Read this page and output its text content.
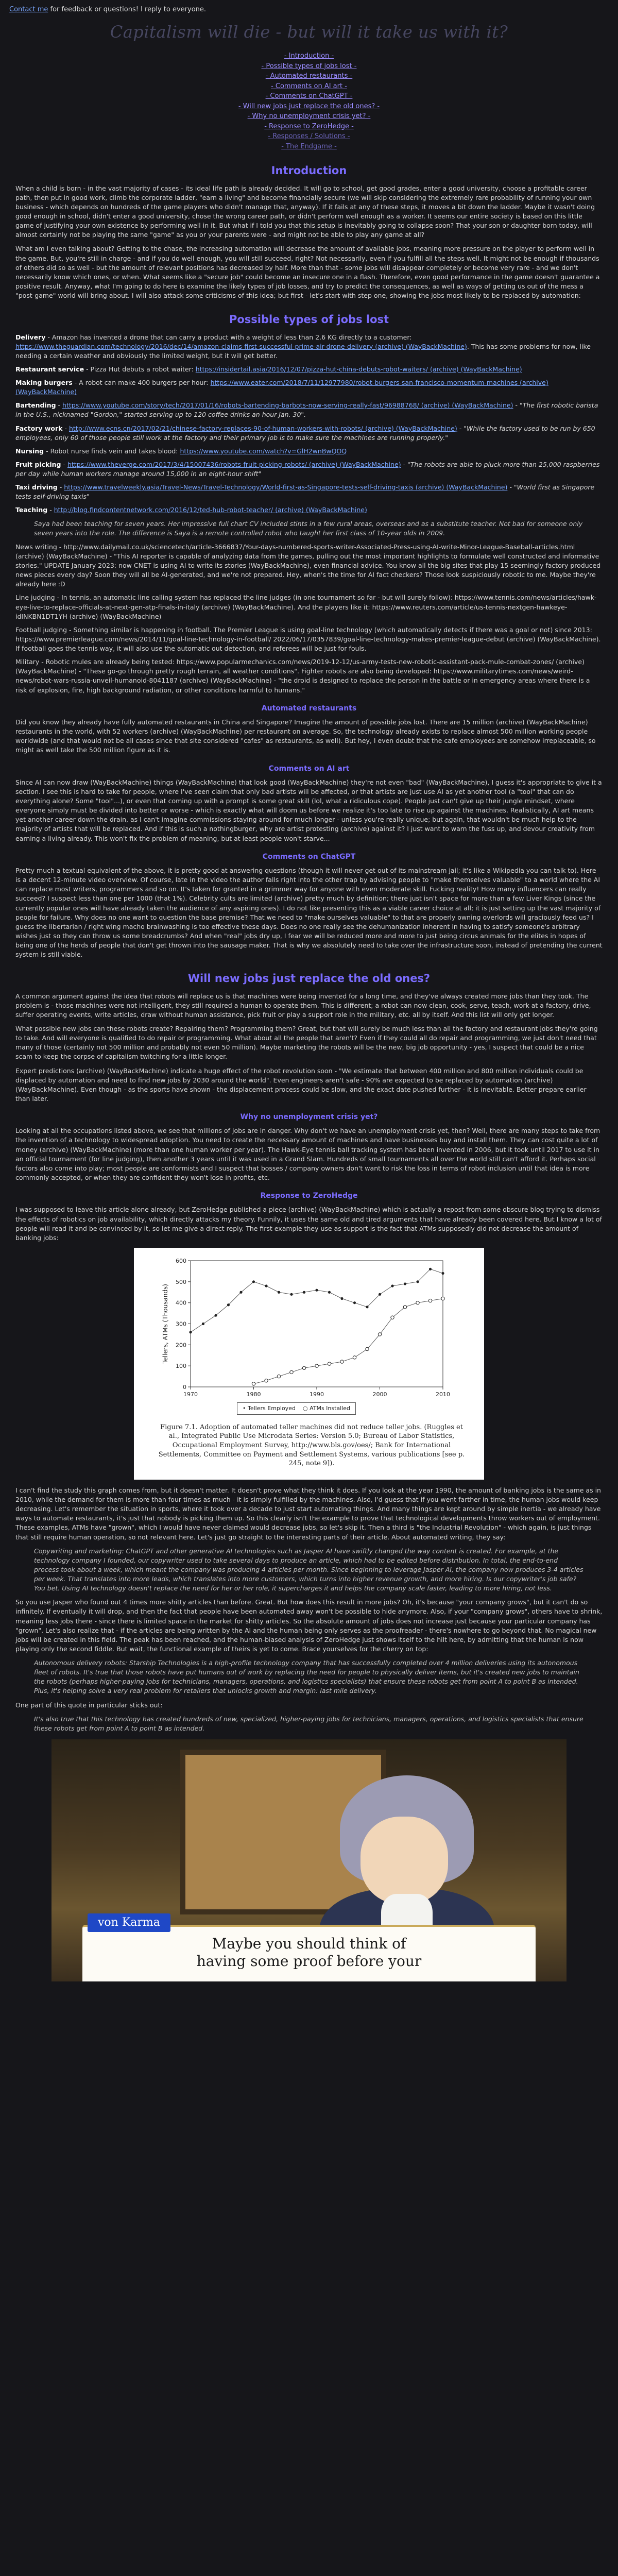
Contact me for feedback or questions! I reply to everyone.
Capitalism will die - but will it take us with it?
- Introduction -
- Possible types of jobs lost -
- Automated restaurants -
- Comments on AI art -
- Comments on ChatGPT -
- Will new jobs just replace the old ones? -
- Why no unemployment crisis yet? -
- Response to ZeroHedge -
- Responses / Solutions -
- The Endgame -
Introduction

When a child is born - in the vast majority of cases - its ideal life path is already decided. It will go to school, get good grades, enter a good university, choose a profitable career path, then put in good work, climb the corporate ladder, "earn a living" and become financially secure (we will skip considering the extremely rare probability of running your own business - which depends on hundreds of the game players who didn't manage that, anyway). If it fails at any of these steps, it moves a bit down the ladder. Maybe it wasn't doing good enough in school, didn't enter a good university, chose the wrong career path, or didn't perform well enough as a worker. It seems our entire society is based on this little game of justifying your own existence by performing well in it. But what if I told you that this setup is inevitably going to collapse soon? That your son or daughter born today, will almost certainly not be playing the same "game" as you or your parents were - and might not be able to play any game at all?

What am I even talking about? Getting to the chase, the increasing automation will decrease the amount of available jobs, meaning more pressure on the player to perform well in the game. But, you're still in charge - and if you do well enough, you will still succeed, right? Not necessarily, even if you fulfill all the steps well. It might not be enough if thousands of others did so as well - but the amount of relevant positions has decreased by half. More than that - some jobs will disappear completely or become very rare - and we don't necessarily know which ones, or when. What seems like a "secure job" could become an insecure one in a flash. Therefore, even good performance in the game doesn't guarantee a positive result. Anyway, what I'm going to do here is examine the likely types of job losses, and try to predict the consequences, as well as ways of getting us out of the mess a "post-game" world will bring about. I will also attack some criticisms of this idea; but first - let's start with step one, showing the jobs most likely to be replaced by automation:

Possible types of jobs lost
Delivery - Amazon has invented a drone that can carry a product with a weight of less than 2.6 KG directly to a customer: https://www.theguardian.com/technology/2016/dec/14/amazon-claims-first-successful-prime-air-drone-delivery (archive) (WayBackMachine). This has some problems for now, like needing a certain weather and obviously the limited weight, but it will get better.
Restaurant service - Pizza Hut debuts a robot waiter: https://insidertail.asia/2016/12/07/pizza-hut-china-debuts-robot-waiters/ (archive) (WayBackMachine)
Making burgers - A robot can make 400 burgers per hour: https://www.eater.com/2018/7/11/12977980/robot-burgers-san-francisco-momentum-machines (archive) (WayBackMachine)
Bartending - https://www.youtube.com/story/tech/2017/01/16/robots-bartending-barbots-now-serving-really-fast/96988768/ (archive) (WayBackMachine) - "The first robotic barista in the U.S., nicknamed "Gordon," started serving up to 120 coffee drinks an hour Jan. 30".
Factory work - http://www.ecns.cn/2017/02/21/chinese-factory-replaces-90-of-human-workers-with-robots/ (archive) (WayBackMachine) - "While the factory used to be run by 650 employees, only 60 of those people still work at the factory and their primary job is to make sure the machines are running properly."
Nursing - Robot nurse finds vein and takes blood: https://www.youtube.com/watch?v=GlH2wnBwQOQ
Fruit picking - https://www.theverge.com/2017/3/4/15007436/robots-fruit-picking-robots/ (archive) (WayBackMachine) - "The robots are able to pluck more than 25,000 raspberries per day while human workers manage around 15,000 in an eight-hour shift"
Taxi driving - https://www.travelweekly.asia/Travel-News/Travel-Technology/World-first-as-Singapore-tests-self-driving-taxis (archive) (WayBackMachine) - "World first as Singapore tests self-driving taxis"
Teaching - http://blog.findcontentnetwork.com/2016/12/ted-hub-robot-teacher/ (archive) (WayBackMachine)
Saya had been teaching for seven years. Her impressive full chart CV included stints in a few rural areas, overseas and as a substitute teacher. Not bad for someone only seven years into the role. The difference is Saya is a remote controlled robot who taught her first class of 10-year olds in 2009.
News writing - http://www.dailymail.co.uk/sciencetech/article-3666837/Your-days-numbered-sports-writer-Associated-Press-using-AI-write-Minor-League-Baseball-articles.html (archive) (WayBackMachine) - "This AI reporter is capable of analyzing data from the games, pulling out the most important highlights to formulate well constructed and informative stories." UPDATE January 2023: now CNET is using AI to write its stories (WayBackMachine), even financial advice. You know all the big sites that play 15 seemingly factory produced news pieces every day? Soon they will all be AI-generated, and we're not prepared. Hey, when's the time for AI fact checkers? Those look suspiciously robotic to me. Maybe they're already here :D
Line judging - In tennis, an automatic line calling system has replaced the line judges (in one tournament so far - but will surely follow): https://www.tennis.com/news/articles/hawk-eye-live-to-replace-officials-at-next-gen-atp-finals-in-italy (archive) (WayBackMachine). And the players like it: https://www.reuters.com/article/us-tennis-nextgen-hawkeye-idINKBN1DT1YH (archive) (WayBackMachine)
Football judging - Something similar is happening in football. The Premier League is using goal-line technology (which automatically detects if there was a goal or not) since 2013: https://www.premierleague.com/news/2014/11/goal-line-technology-in-football/ 2022/06/17/0357839/goal-line-technology-makes-premier-league-debut (archive) (WayBackMachine). If football goes the tennis way, it will also use the automatic out detection, and referees will be just for fouls.
Military - Robotic mules are already being tested: https://www.popularmechanics.com/news/2019-12-12/us-army-tests-new-robotic-assistant-pack-mule-combat-zones/ (archive) (WayBackMachine) - "These go-go through pretty rough terrain, all weather conditions". Fighter robots are also being developed: https://www.militarytimes.com/news/weird-news/robot-wars-russia-unveil-humanoid-8041187 (archive) (WayBackMachine) - "the droid is designed to replace the person in the battle or in emergency areas where there is a risk of explosion, fire, high background radiation, or other conditions harmful to humans."
Automated restaurants

Did you know they already have fully automated restaurants in China and Singapore? Imagine the amount of possible jobs lost. There are 15 million (archive) (WayBackMachine) restaurants in the world, with 52 workers (archive) (WayBackMachine) per restaurant on average. So, the technology already exists to replace almost 500 million working people worldwide (and that would not be all cases since that site considered "cafes" as restaurants, as well). But hey, I even doubt that the cafe employees are somehow irreplaceable, so might as well take the 500 million figure as it is.

Comments on AI art

Since AI can now draw (WayBackMachine) things (WayBackMachine) that look good (WayBackMachine) they're not even "bad" (WayBackMachine), I guess it's appropriate to give it a section. I see this is hard to take for people, where I've seen claim that only bad artists will be affected, or that artists are just use AI as yet another tool (a "tool" that can do everything alone? Some "tool"...), or even that coming up with a prompt is some great skill (lol, what a ridiculous cope). People just can't give up their jungle mindset, where everyone simply must be divided into better or worse - which is exactly what will doom us before we realize it's too late to rise up against the machines. Realistically, AI art means yet another career down the drain, as I can't imagine commissions staying around for much longer - unless you're really unique; but again, that wouldn't be much help to the majority of artists that will be replaced. And if this is such a nothingburger, why are artist protesting (archive) against it? I just want to warn the fuss up, and devour creativity from earning a living already. This won't fix the problem of meaning, but at least people won't starve...

Comments on ChatGPT

Pretty much a textual equivalent of the above, it is pretty good at answering questions (though it will never get out of its mainstream jail; it's like a Wikipedia you can talk to). Here is a decent 12-minute video overview. Of course, late in the video the author falls right into the other trap by advising people to "make themselves valuable" to a world where the AI can replace most writers, programmers and so on. It's taken for granted in a grimmer way for anyone with even moderate skill. Fucking reality! How many influencers can really succeed? I suspect less than one per 1000 (that 1%). Celebrity cults are limited (archive) pretty much by definition; there just isn't space for more than a few Liver Kings (since the currently popular ones will have already taken the audience of any aspiring ones). I do not like presenting this as a viable career choice at all; it is just setting up the vast majority of people for failure. Why does no one want to question the base premise? That we need to "make ourselves valuable" to that are properly owning overlords will graciously feed us? I guess the libertarian / right wing macho brainwashing is too effective these days. Does no one really see the dehumanization inherent in having to satisfy someone's arbitrary wishes just so they can throw us some breadcrumbs? And when "real" jobs dry up, I fear we will be reduced more and more to just being circus animals for the elites in hopes of being one of the herds of people that don't get thrown into the sausage maker. That is why we absolutely need to take over the infrastructure soon, instead of pretending the current system is still viable.

Will new jobs just replace the old ones?

A common argument against the idea that robots will replace us is that machines were being invented for a long time, and they've always created more jobs than they took. The problem is - those machines were not intelligent, they still required a human to operate them. This is different; a robot can now clean, cook, serve, teach, work at a factory, drive, suffer operating events, write articles, draw without human assistance, pick fruit or play a support role in the military, etc. all by itself. And this list will only get longer.

What possible new jobs can these robots create? Repairing them? Programming them? Great, but that will surely be much less than all the factory and restaurant jobs they're going to take. And will everyone is qualified to do repair or programming. What about all the people that aren't? Even if they could all do repair and programming, we just don't need that many of those (certainly not 500 million and probably not even 50 million). Maybe marketing the robots will be the new, big job opportunity - yes, I suspect that could be a nice scam to keep the corpse of capitalism twitching for a little longer.

Expert predictions (archive) (WayBackMachine) indicate a huge effect of the robot revolution soon - "We estimate that between 400 million and 800 million individuals could be displaced by automation and need to find new jobs by 2030 around the world". Even engineers aren't safe - 90% are expected to be replaced by automation (archive) (WayBackMachine). Even though - as the sports have shown - the displacement process could be slow, and the exact date pushed further - it is inevitable. Better prepare earlier than later.

Why no unemployment crisis yet?

Looking at all the occupations listed above, we see that millions of jobs are in danger. Why don't we have an unemployment crisis yet, then? Well, there are many steps to take from the invention of a technology to widespread adoption. You need to create the necessary amount of machines and have businesses buy and install them. They can cost quite a lot of money (archive) (WayBackMachine) (more than one human worker per year). The Hawk-Eye tennis ball tracking system has been invented in 2006, but it took until 2017 to use it in an official tournament (for line judging), then another 3 years until it was used in a Grand Slam. Hundreds of small tournaments all over the world still can't afford it. Perhaps social factors also come into play; most people are conformists and I suspect that bosses / company owners don't want to risk the loss in terms of robot inclusion until that idea is more commonly accepted, or when they are confident they won't lose in profits, etc.

Response to ZeroHedge

I was supposed to leave this article alone already, but ZeroHedge published a piece (archive) (WayBackMachine) which is actually a repost from some obscure blog trying to dismiss the effects of robotics on job availability, which directly attacks my theory. Funnily, it uses the same old and tired arguments that have already been covered here. But I know a lot of people will read it and be convinced by it, so let me give a direct reply. The first example they use as support is the fact that ATMs supposedly did not decrease the amount of banking jobs:

0
100
200
300
400
500
600
1970	1980	1990	2000	2010
Tellers, ATMs (Thousands)
• Tellers Employed ○ ATMs Installed
Figure 7.1. Adoption of automated teller machines did not reduce teller jobs. (Ruggles et al., Integrated Public Use Microdata Series: Version 5.0; Bureau of Labor Statistics, Occupational Employment Survey, http://www.bls.gov/oes/; Bank for International Settlements, Committee on Payment and Settlement Systems, various publications [see p. 245, note 9]).

I can't find the study this graph comes from, but it doesn't matter. It doesn't prove what they think it does. If you look at the year 1990, the amount of banking jobs is the same as in 2010, while the demand for them is more than four times as much - it is simply fulfilled by the machines. Also, I'd guess that if you went farther in time, the human jobs would keep decreasing. Let's remember the situation in sports, where it took over a decade to just start automating things. And many things are kept around by simple inertia - we already have ways to automate restaurants, it's just that nobody is picking them up. So this clearly isn't the example to prove that technological developments throw workers out of employment. These examples, ATMs have "grown", which I would have never claimed would decrease jobs, so let's skip it. Then a third is "the Industrial Revolution" - which again, is just things that still require human operation, so not relevant here. Let's just go straight to the interesting parts of their article. About automated writing, they say:

Copywriting and marketing: ChatGPT and other generative AI technologies such as Jasper AI have swiftly changed the way content is created. For example, at the technology company I founded, our copywriter used to take several days to produce an article, which had to be edited before distribution. In total, the end-to-end process took about a week, which meant the company was producing 4 articles per month. Since beginning to leverage Jasper AI, the company now produces 3-4 articles per week. That translates into more leads, which translates into more customers, which turns into higher revenue growth, and more hiring. Is our copywriter's job safe? You bet. Using AI technology doesn't replace the need for her or her role, it supercharges it and helps the company scale faster, leading to more hiring, not less.

So you use Jasper who found out 4 times more shitty articles than before. Great. But how does this result in more jobs? Oh, it's because "your company grows", but it can't do so infinitely. If eventually it will drop, and then the fact that people have been automated away won't be possible to hide anymore. Also, if your "company grows", others have to shrink, meaning less jobs there - since there is limited space in the market for shitty articles. So the absolute amount of jobs does not increase just because your particular company has "grown". Let's also realize that - if the articles are being written by the AI and the human being only serves as the proofreader - there's nowhere to go beyond that. No magical new jobs will be created in this field. The peak has been reached, and the human-biased analysis of ZeroHedge just shows itself to the hilt here, by admitting that the human is now playing only the second fiddle. But wait, the functional example of theirs is yet to come. Brace yourselves for the cherry on top:

Autonomous delivery robots: Starship Technologies is a high-profile technology company that has successfully completed over 4 million deliveries using its autonomous fleet of robots. It's true that those robots have put humans out of work by replacing the need for people to physically deliver items, but it's created new jobs to maintain the robots (perhaps higher-paying jobs for technicians, managers, operations, and logistics specialists) that ensure these robots get from point A to point B as intended. Plus, it's helping solve a very real problem for retailers that unlocks growth and margin: last mile delivery.

One part of this quote in particular sticks out:

It's also true that this technology has created hundreds of new, specialized, higher-paying jobs for technicians, managers, operations, and logistics specialists that ensure these robots get from point A to point B as intended.
von Karma
Maybe you should think of
having some proof before your
